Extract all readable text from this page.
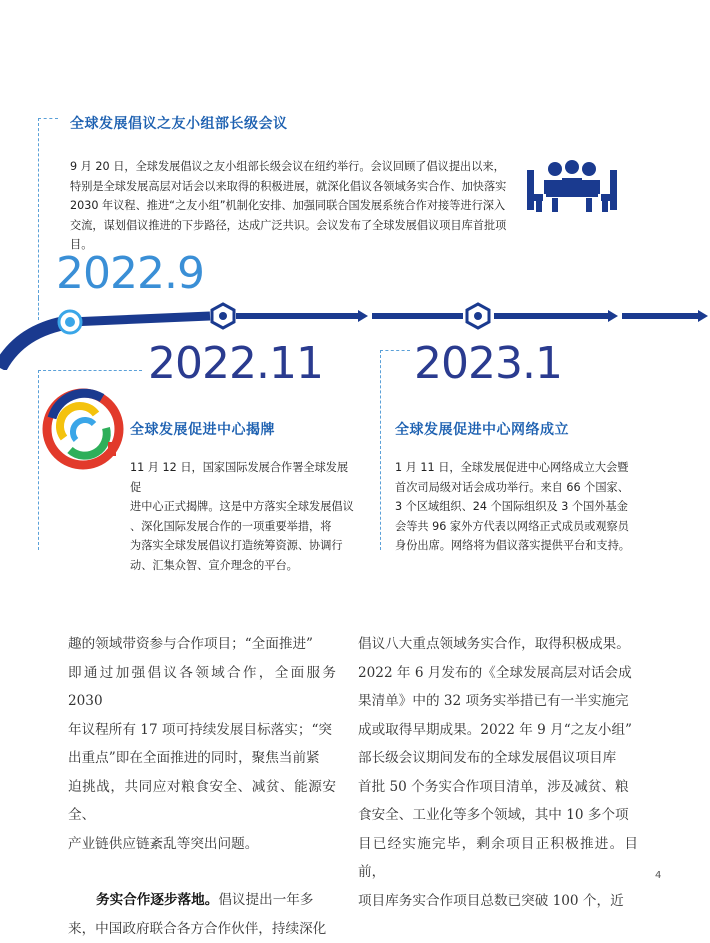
全球发展倡议之友小组部长级会议
9 月 20 日，全球发展倡议之友小组部长级会议在纽约举行。会议回顾了倡议提出以来，
特别是全球发展高层对话会以来取得的积极进展，就深化倡议各领域务实合作、加快落实
2030 年议程、推进“之友小组”机制化安排、加强同联合国发展系统合作对接等进行深入
交流，谋划倡议推进的下步路径，达成广泛共识。会议发布了全球发展倡议项目库首批项目。
2022.9
2022.11 2023.1
全球发展促进中心揭牌
11 月 12 日，国家国际发展合作署全球发展促
进中心正式揭牌。这是中方落实全球发展倡议
、深化国际发展合作的一项重要举措，将
为落实全球发展倡议打造统筹资源、协调行
动、汇集众智、宣介理念的平台。
全球发展促进中心网络成立
1 月 11 日，全球发展促进中心网络成立大会暨
首次司局级对话会成功举行。来自 66 个国家、
3 个区域组织、24 个国际组织及 3 个国外基金
会等共 96 家外方代表以网络正式成员或观察员
身份出席。网络将为倡议落实提供平台和支持。
趣的领域带资参与合作项目；“全面推进”
即通过加强倡议各领域合作，全面服务 2030
年议程所有 17 项可持续发展目标落实；“突
出重点”即在全面推进的同时，聚焦当前紧
迫挑战，共同应对粮食安全、减贫、能源安全、
产业链供应链紊乱等突出问题。
务实合作逐步落地。倡议提出一年多
来，中国政府联合各方合作伙伴，持续深化
倡议八大重点领域务实合作，取得积极成果。
2022 年 6 月发布的《全球发展高层对话会成
果清单》中的 32 项务实举措已有一半实施完
成或取得早期成果。2022 年 9 月“之友小组”
部长级会议期间发布的全球发展倡议项目库
首批 50 个务实合作项目清单，涉及减贫、粮
食安全、工业化等多个领域，其中 10 多个项
目已经实施完毕，剩余项目正积极推进。目前，
项目库务实合作项目总数已突破 100 个，近
4
